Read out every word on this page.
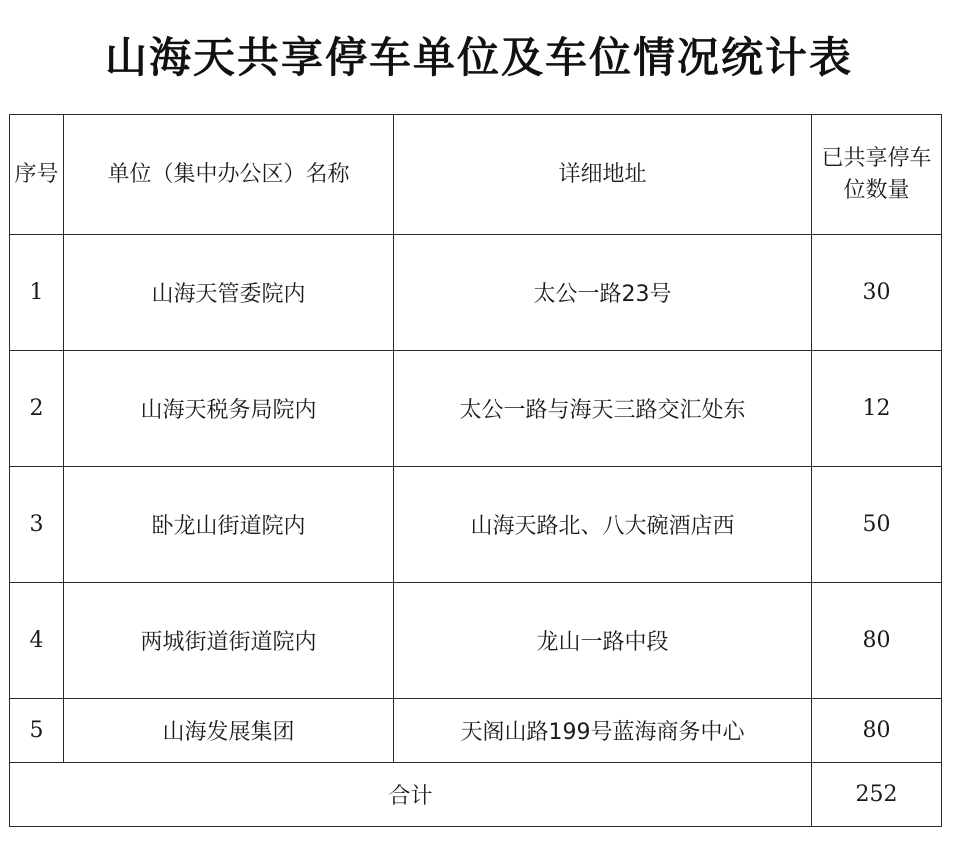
山海天共享停车单位及车位情况统计表
序号	单位（集中办公区）名称	详细地址	已共享停车位数量
1	山海天管委院内	太公一路23号	30
2	山海天税务局院内	太公一路与海天三路交汇处东	12
3	卧龙山街道院内	山海天路北、八大碗酒店西	50
4	两城街道街道院内	龙山一路中段	80
5	山海发展集团	天阁山路199号蓝海商务中心	80
合计			252
